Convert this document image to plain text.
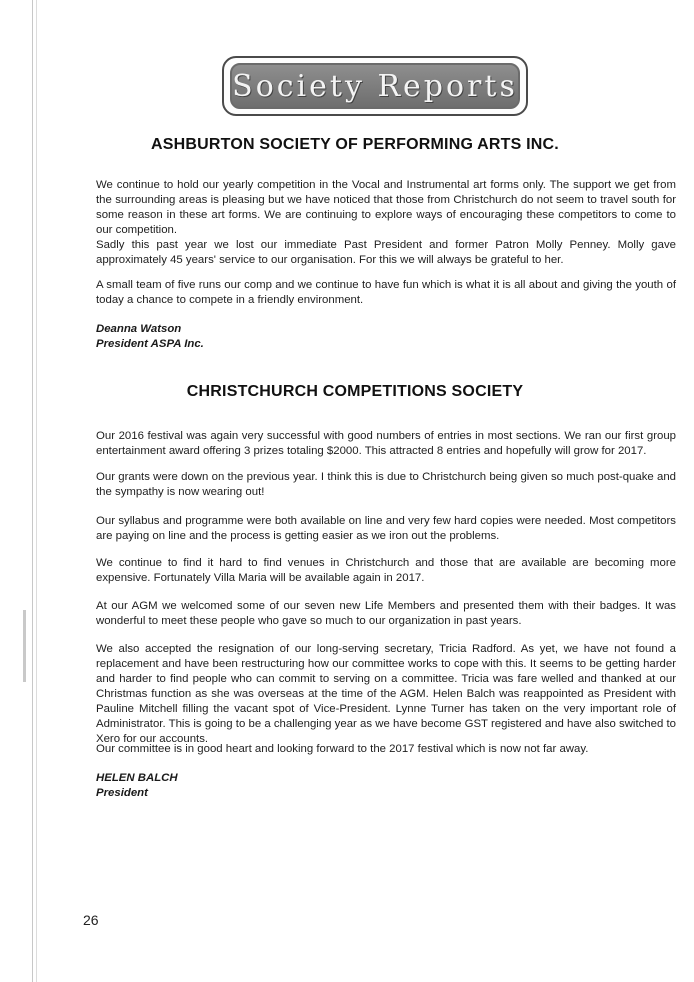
Society Reports
ASHBURTON SOCIETY OF PERFORMING ARTS INC.

We continue to hold our yearly competition in the Vocal and Instrumental art forms only. The support we get from the surrounding areas is pleasing but we have noticed that those from Christchurch do not seem to travel south for some reason in these art forms. We are continuing to explore ways of encouraging these competitors to come to our competition.

Sadly this past year we lost our immediate Past President and former Patron Molly Penney. Molly gave approximately 45 years' service to our organisation. For this we will always be grateful to her.

A small team of five runs our comp and we continue to have fun which is what it is all about and giving the youth of today a chance to compete in a friendly environment.

Deanna Watson
President ASPA Inc.
CHRISTCHURCH COMPETITIONS SOCIETY

Our 2016 festival was again very successful with good numbers of entries in most sections. We ran our first group entertainment award offering 3 prizes totaling $2000. This attracted 8 entries and hopefully will grow for 2017.

Our grants were down on the previous year. I think this is due to Christchurch being given so much post-quake and the sympathy is now wearing out!

Our syllabus and programme were both available on line and very few hard copies were needed. Most competitors are paying on line and the process is getting easier as we iron out the problems.

We continue to find it hard to find venues in Christchurch and those that are available are becoming more expensive. Fortunately Villa Maria will be available again in 2017.

At our AGM we welcomed some of our seven new Life Members and presented them with their badges. It was wonderful to meet these people who gave so much to our organization in past years.

We also accepted the resignation of our long-serving secretary, Tricia Radford. As yet, we have not found a replacement and have been restructuring how our committee works to cope with this. It seems to be getting harder and harder to find people who can commit to serving on a committee. Tricia was fare welled and thanked at our Christmas function as she was overseas at the time of the AGM. Helen Balch was reappointed as President with Pauline Mitchell filling the vacant spot of Vice-President. Lynne Turner has taken on the very important role of Administrator. This is going to be a challenging year as we have become GST registered and have also switched to Xero for our accounts.

Our committee is in good heart and looking forward to the 2017 festival which is now not far away.

HELEN BALCH
President
26
